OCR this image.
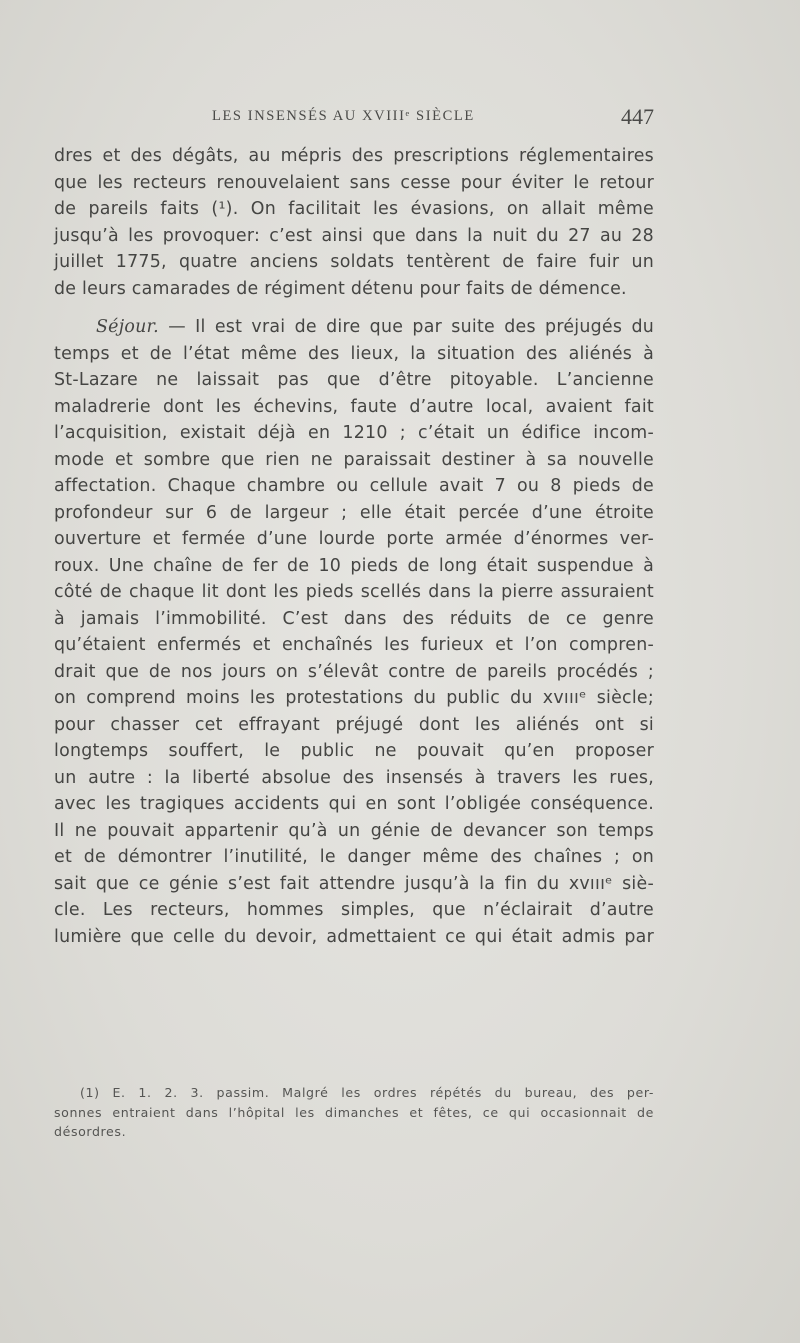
LES INSENSÉS AU XVIIIᵉ SIÈCLE	447
dres et des dégâts, au mépris des prescriptions réglementaires
que les recteurs renouvelaient sans cesse pour éviter le retour
de pareils faits (¹). On facilitait les évasions, on allait même
jusqu’à les provoquer: c’est ainsi que dans la nuit du 27 au 28
juillet 1775, quatre anciens soldats tentèrent de faire fuir un
de leurs camarades de régiment détenu pour faits de démence.
Séjour. — Il est vrai de dire que par suite des préjugés du
temps et de l’état même des lieux, la situation des aliénés à
St-Lazare ne laissait pas que d’être pitoyable. L’ancienne
maladrerie dont les échevins, faute d’autre local, avaient fait
l’acquisition, existait déjà en 1210 ; c’était un édifice incom-
mode et sombre que rien ne paraissait destiner à sa nouvelle
affectation. Chaque chambre ou cellule avait 7 ou 8 pieds de
profondeur sur 6 de largeur ; elle était percée d’une étroite
ouverture et fermée d’une lourde porte armée d’énormes ver-
roux. Une chaîne de fer de 10 pieds de long était suspendue à
côté de chaque lit dont les pieds scellés dans la pierre assuraient
à jamais l’immobilité. C’est dans des réduits de ce genre
qu’étaient enfermés et enchaînés les furieux et l’on compren-
drait que de nos jours on s’élevât contre de pareils procédés ;
on comprend moins les protestations du public du xvıııᵉ siècle;
pour chasser cet effrayant préjugé dont les aliénés ont si
longtemps souffert, le public ne pouvait qu’en proposer
un autre : la liberté absolue des insensés à travers les rues,
avec les tragiques accidents qui en sont l’obligée conséquence.
Il ne pouvait appartenir qu’à un génie de devancer son temps
et de démontrer l’inutilité, le danger même des chaînes ; on
sait que ce génie s’est fait attendre jusqu’à la fin du xvıııᵉ siè-
cle. Les recteurs, hommes simples, que n’éclairait d’autre
lumière que celle du devoir, admettaient ce qui était admis par
(1) E. 1. 2. 3. passim. Malgré les ordres répétés du bureau, des per-
sonnes entraient dans l’hôpital les dimanches et fêtes, ce qui occasionnait de
désordres.
